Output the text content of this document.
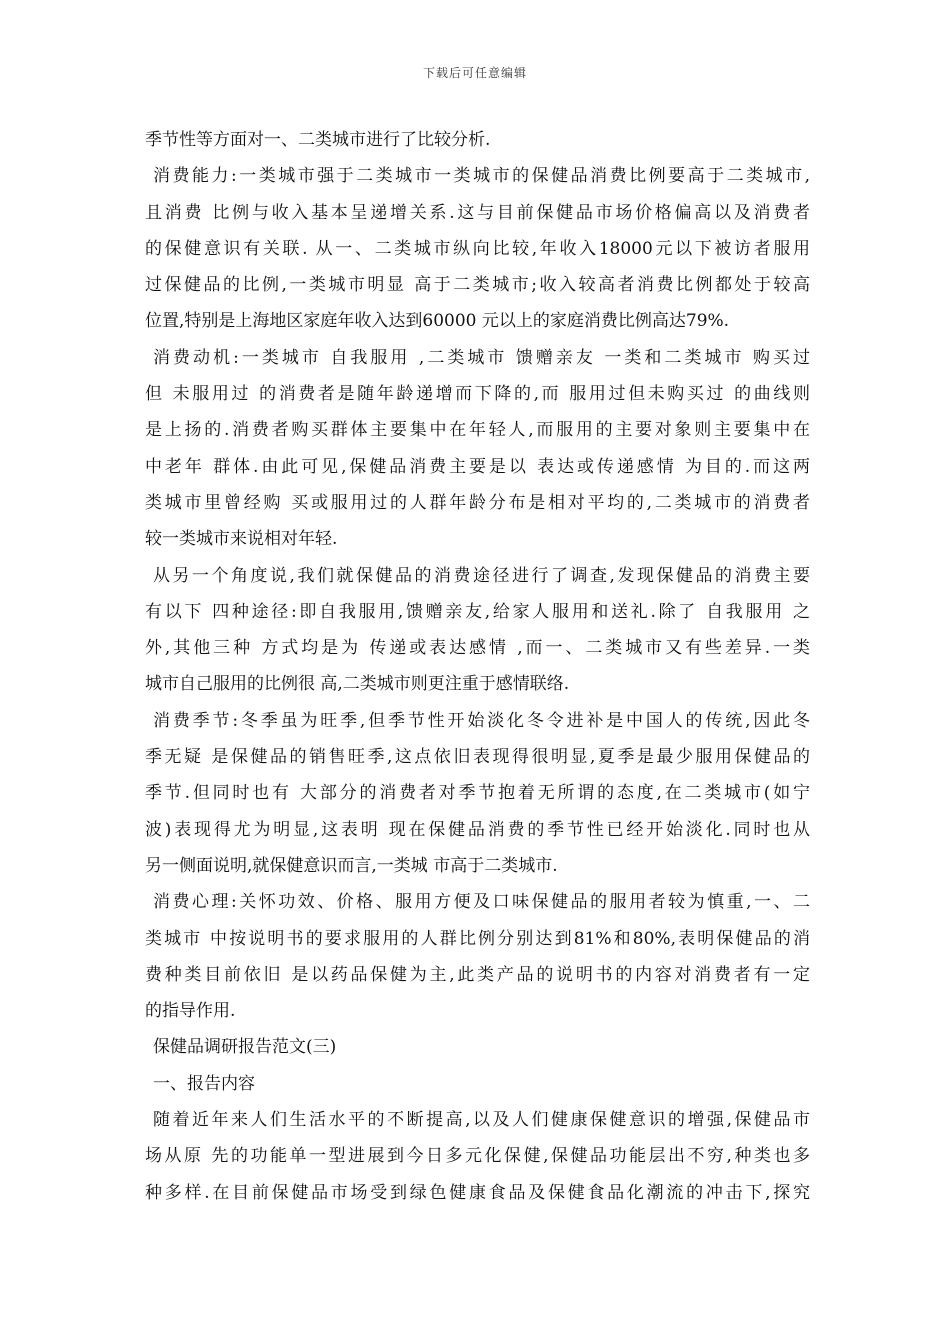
下载后可任意编辑
季节性等方面对一、二类城市进行了比较分析.
消费能力:一类城市强于二类城市一类城市的保健品消费比例要高于二类城市,
且消费 比例与收入基本呈递增关系.这与目前保健品市场价格偏高以及消费者
的保健意识有关联. 从一、二类城市纵向比较,年收入18000元以下被访者服用
过保健品的比例,一类城市明显 高于二类城市;收入较高者消费比例都处于较高
位置,特别是上海地区家庭年收入达到60000 元以上的家庭消费比例高达79%.
消费动机:一类城市 自我服用 ,二类城市 馈赠亲友 一类和二类城市 购买过
但 未服用过 的消费者是随年龄递增而下降的,而 服用过但未购买过 的曲线则
是上扬的.消费者购买群体主要集中在年轻人,而服用的主要对象则主要集中在
中老年 群体.由此可见,保健品消费主要是以 表达或传递感情 为目的.而这两
类城市里曾经购 买或服用过的人群年龄分布是相对平均的,二类城市的消费者
较一类城市来说相对年轻.
从另一个角度说,我们就保健品的消费途径进行了调查,发现保健品的消费主要
有以下 四种途径:即自我服用,馈赠亲友,给家人服用和送礼.除了 自我服用 之
外,其他三种 方式均是为 传递或表达感情 ,而一、二类城市又有些差异.一类
城市自己服用的比例很 高,二类城市则更注重于感情联络.
消费季节:冬季虽为旺季,但季节性开始淡化冬令进补是中国人的传统,因此冬
季无疑 是保健品的销售旺季,这点依旧表现得很明显,夏季是最少服用保健品的
季节.但同时也有 大部分的消费者对季节抱着无所谓的态度,在二类城市(如宁
波)表现得尤为明显,这表明 现在保健品消费的季节性已经开始淡化.同时也从
另一侧面说明,就保健意识而言,一类城 市高于二类城市.
消费心理:关怀功效、价格、服用方便及口味保健品的服用者较为慎重,一、二
类城市 中按说明书的要求服用的人群比例分别达到81%和80%,表明保健品的消
费种类目前依旧 是以药品保健为主,此类产品的说明书的内容对消费者有一定
的指导作用.
保健品调研报告范文(三)
一、报告内容
随着近年来人们生活水平的不断提高,以及人们健康保健意识的增强,保健品市
场从原 先的功能单一型进展到今日多元化保健,保健品功能层出不穷,种类也多
种多样.在目前保健品市场受到绿色健康食品及保健食品化潮流的冲击下,探究
